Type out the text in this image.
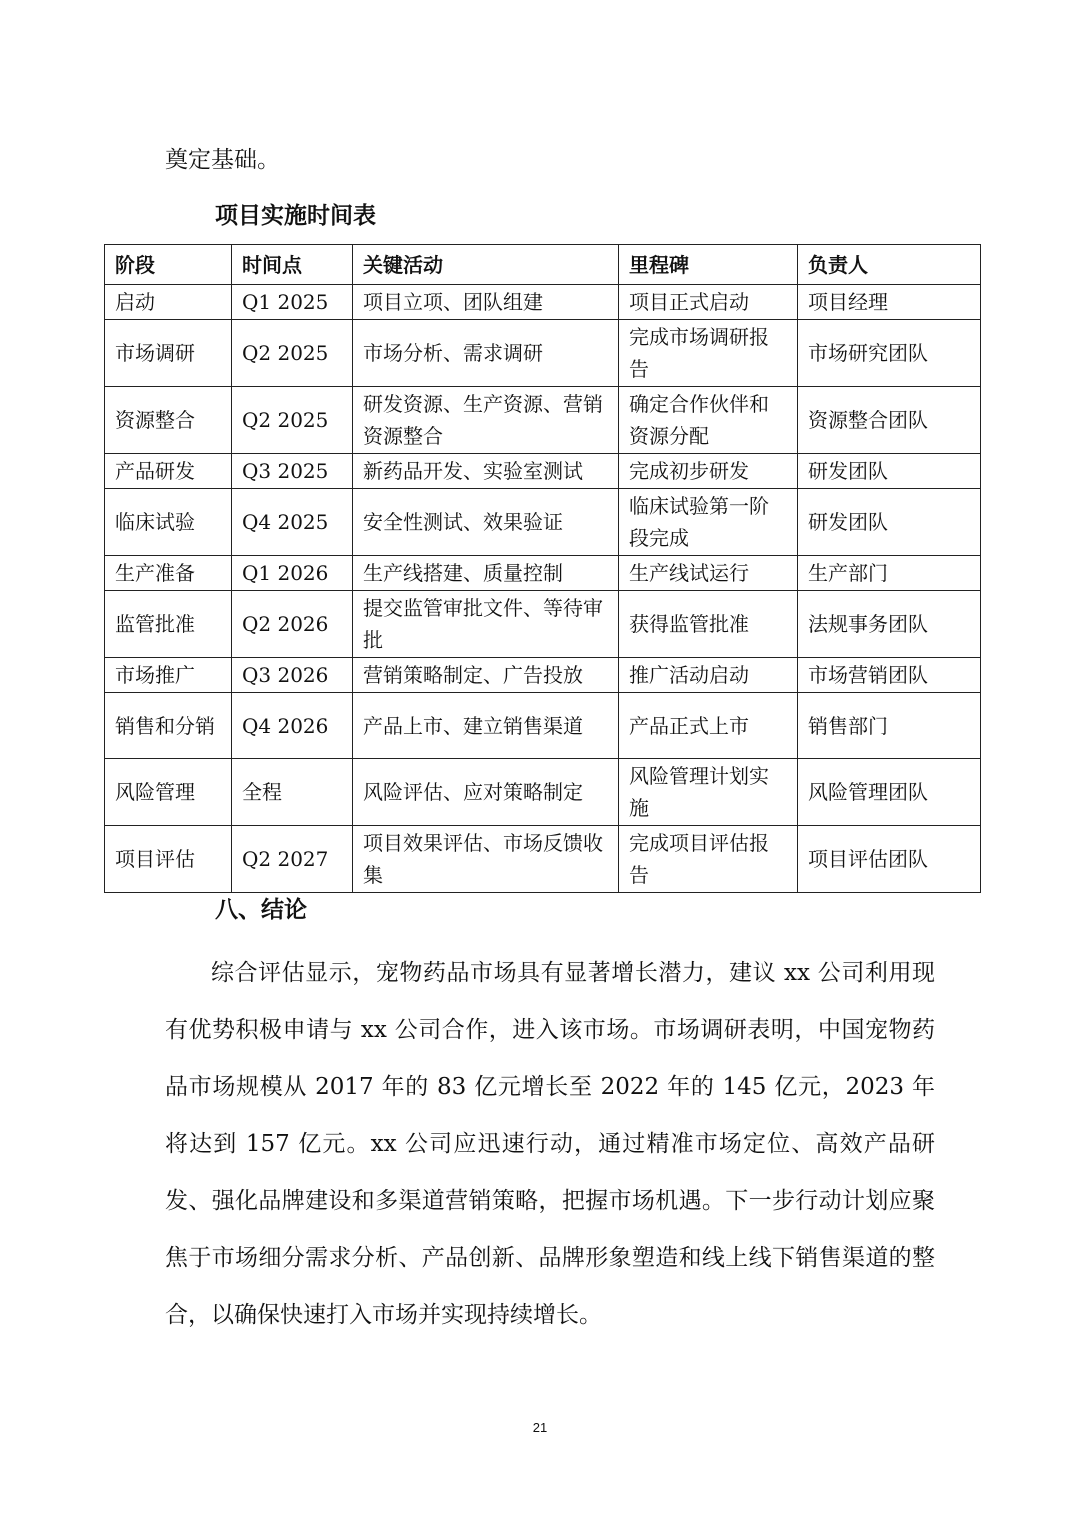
奠定基础。

项目实施时间表

阶段	时间点	关键活动	里程碑	负责人
启动	Q1 2025	项目立项、团队组建	项目正式启动	项目经理
市场调研	Q2 2025	市场分析、需求调研	完成市场调研报告	市场研究团队
资源整合	Q2 2025	研发资源、生产资源、营销资源整合	确定合作伙伴和资源分配	资源整合团队
产品研发	Q3 2025	新药品开发、实验室测试	完成初步研发	研发团队
临床试验	Q4 2025	安全性测试、效果验证	临床试验第一阶段完成	研发团队
生产准备	Q1 2026	生产线搭建、质量控制	生产线试运行	生产部门
监管批准	Q2 2026	提交监管审批文件、等待审批	获得监管批准	法规事务团队
市场推广	Q3 2026	营销策略制定、广告投放	推广活动启动	市场营销团队
销售和分销	Q4 2026	产品上市、建立销售渠道	产品正式上市	销售部门
风险管理	全程	风险评估、应对策略制定	风险管理计划实施	风险管理团队
项目评估	Q2 2027	项目效果评估、市场反馈收集	完成项目评估报告	项目评估团队

八、结论

综合评估显示，宠物药品市场具有显著增长潜力，建议 xx 公司利用现有优势积极申请与 xx 公司合作，进入该市场。市场调研表明，中国宠物药品市场规模从 2017 年的 83 亿元增长至 2022 年的 145 亿元，2023 年将达到 157 亿元。xx 公司应迅速行动，通过精准市场定位、高效产品研发、强化品牌建设和多渠道营销策略，把握市场机遇。下一步行动计划应聚焦于市场细分需求分析、产品创新、品牌形象塑造和线上线下销售渠道的整合，以确保快速打入市场并实现持续增长。

21
